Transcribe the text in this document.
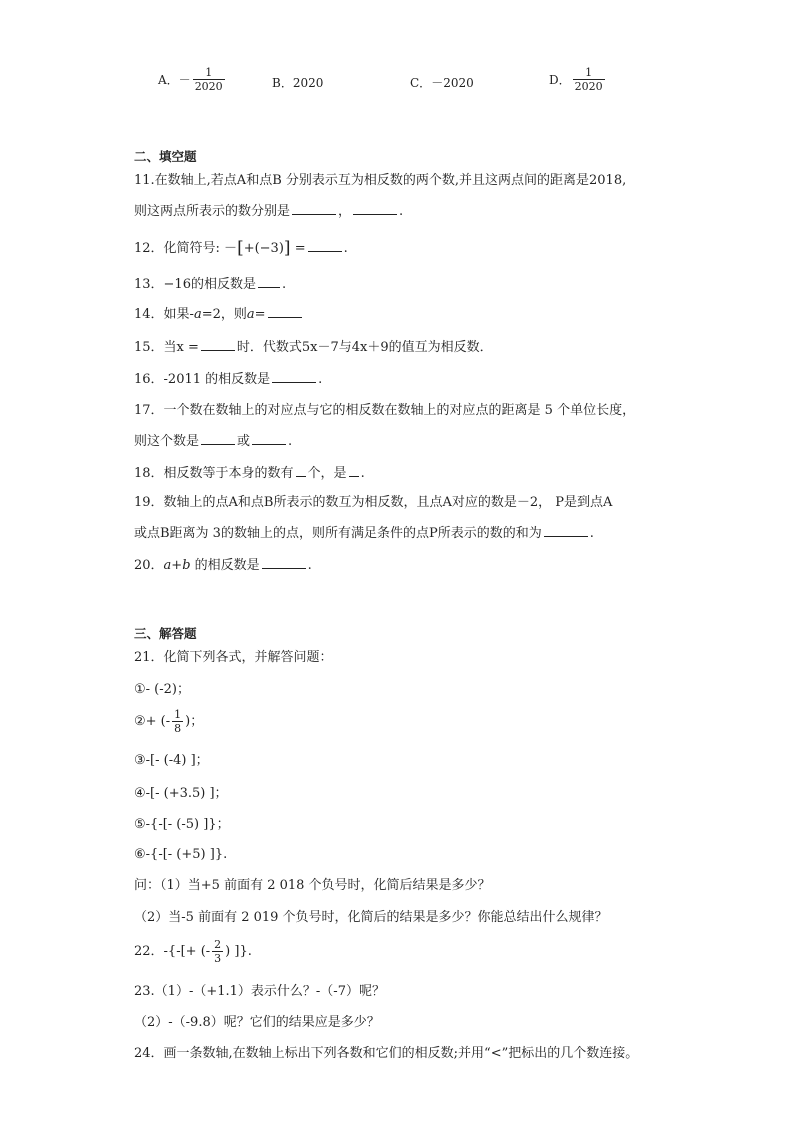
A． － $\frac{1}{2020}$	B． 2020	C． －2020	D． $\frac{1}{2020}$
二、填空题
11.在数轴上,若点A和点B 分别表示互为相反数的两个数,并且这两点间的距离是2018,
则这两点所表示的数分别是	，	.
12．化简符号: －[+(−3)] =	.
13．−16的相反数是 .
14．如果-a=2，则a=
15．当x =	时．代数式5x－7与4x＋9的值互为相反数．
16．-2011 的相反数是	.
17．一个数在数轴上的对应点与它的相反数在数轴上的对应点的距离是 5 个单位长度，
则这个数是	或	.
18．相反数等于本身的数有 个，是 .
19．数轴上的点A和点B所表示的数互为相反数，且点A对应的数是－2， P是到点A
或点B距离为 3的数轴上的点，则所有满足条件的点P所表示的数的和为	.
20．a+b 的相反数是	.
三、解答题
21．化简下列各式，并解答问题：
①- (-2)；
②+ (- $\frac{1}{8}$ )；
③-[- (-4) ]；
④-[- (+3.5) ]；
⑤-{-[- (-5) ]}；
⑥-{-[- (+5) ]}.
问：（1）当+5 前面有 2 018 个负号时，化简后结果是多少？
（2）当-5 前面有 2 019 个负号时，化简后的结果是多少？你能总结出什么规律？
22．-{-[+ (- $\frac{2}{3}$ ) ]}.
23.（1）-（+1.1）表示什么？-（-7）呢？
（2）-（-9.8）呢？它们的结果应是多少？
24．画一条数轴,在数轴上标出下列各数和它们的相反数;并用“<”把标出的几个数连接。
